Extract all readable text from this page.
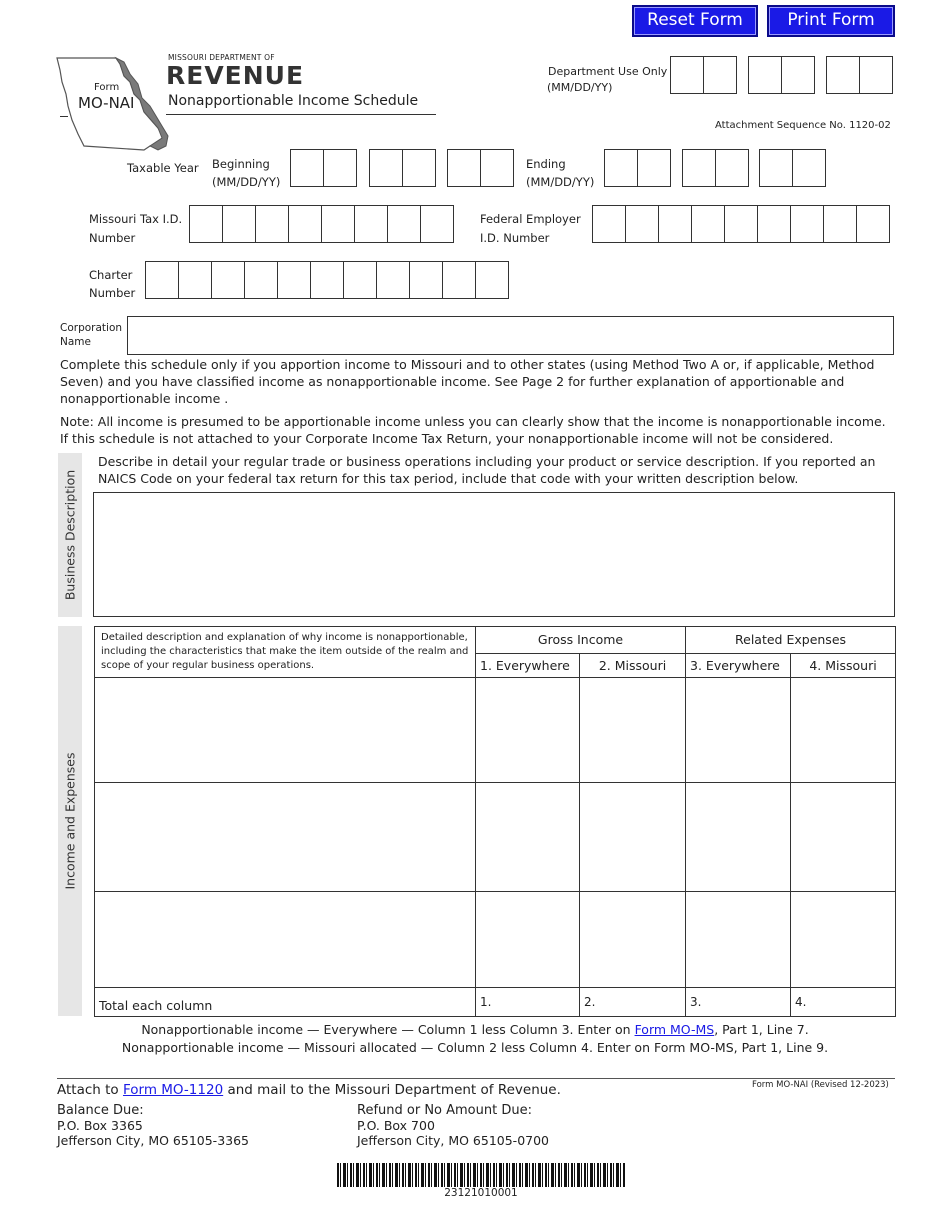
Reset Form	Print Form
Form
MO-NAI
MISSOURI DEPARTMENT OF
REVENUE
Nonapportionable Income Schedule
Department Use Only
(MM/DD/YY)
Attachment Sequence No. 1120-02
Taxable Year Beginning
(MM/DD/YY)
Ending
(MM/DD/YY)
Missouri Tax I.D.
Number
Federal Employer
I.D. Number
Charter
Number
Corporation
Name
Complete this schedule only if you apportion income to Missouri and to other states (using Method Two A or, if applicable, Method Seven) and you have classified income as nonapportionable income. See Page 2 for further explanation of apportionable and nonapportionable income .
Note: All income is presumed to be apportionable income unless you can clearly show that the income is nonapportionable income. If this schedule is not attached to your Corporate Income Tax Return, your nonapportionable income will not be considered.
Business Description
Describe in detail your regular trade or business operations including your product or service description. If you reported an NAICS Code on your federal tax return for this tax period, include that code with your written description below.
Income and Expenses
Detailed description and explanation of why income is nonapportionable, including the characteristics that make the item outside of the realm and scope of your regular business operations.	Gross Income		Related Expenses	
	1. Everywhere	2. Missouri	3. Everywhere	4. Missouri

Total each column	1.	2.	3.	4.
Nonapportionable income — Everywhere — Column 1 less Column 3. Enter on Form MO-MS, Part 1, Line 7.
Nonapportionable income — Missouri allocated — Column 2 less Column 4. Enter on Form MO-MS, Part 1, Line 9.
Attach to Form MO-1120 and mail to the Missouri Department of Revenue.	Form MO-NAI (Revised 12-2023)
Balance Due:
P.O. Box 3365
Jefferson City, MO 65105-3365
Refund or No Amount Due:
P.O. Box 700
Jefferson City, MO 65105-0700
23121010001
